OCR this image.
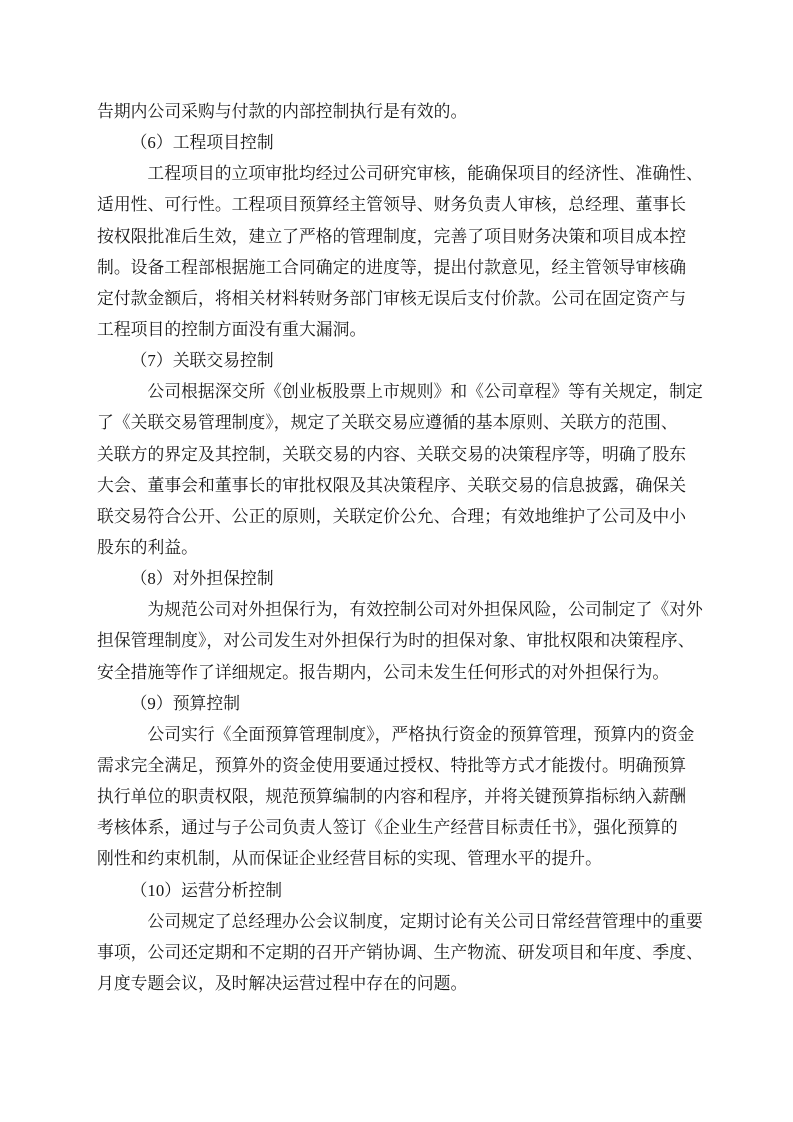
告期内公司采购与付款的内部控制执行是有效的。
（6）工程项目控制
工程项目的立项审批均经过公司研究审核，能确保项目的经济性、准确性、
适用性、可行性。工程项目预算经主管领导、财务负责人审核，总经理、董事长
按权限批准后生效，建立了严格的管理制度，完善了项目财务决策和项目成本控
制。设备工程部根据施工合同确定的进度等，提出付款意见，经主管领导审核确
定付款金额后，将相关材料转财务部门审核无误后支付价款。公司在固定资产与
工程项目的控制方面没有重大漏洞。
（7）关联交易控制
公司根据深交所《创业板股票上市规则》和《公司章程》等有关规定，制定
了《关联交易管理制度》，规定了关联交易应遵循的基本原则、关联方的范围、
关联方的界定及其控制，关联交易的内容、关联交易的决策程序等，明确了股东
大会、董事会和董事长的审批权限及其决策程序、关联交易的信息披露，确保关
联交易符合公开、公正的原则，关联定价公允、合理；有效地维护了公司及中小
股东的利益。
（8）对外担保控制
为规范公司对外担保行为，有效控制公司对外担保风险，公司制定了《对外
担保管理制度》，对公司发生对外担保行为时的担保对象、审批权限和决策程序、
安全措施等作了详细规定。报告期内，公司未发生任何形式的对外担保行为。
（9）预算控制
公司实行《全面预算管理制度》，严格执行资金的预算管理，预算内的资金
需求完全满足，预算外的资金使用要通过授权、特批等方式才能拨付。明确预算
执行单位的职责权限，规范预算编制的内容和程序，并将关键预算指标纳入薪酬
考核体系，通过与子公司负责人签订《企业生产经营目标责任书》，强化预算的
刚性和约束机制，从而保证企业经营目标的实现、管理水平的提升。
（10）运营分析控制
公司规定了总经理办公会议制度，定期讨论有关公司日常经营管理中的重要
事项，公司还定期和不定期的召开产销协调、生产物流、研发项目和年度、季度、
月度专题会议，及时解决运营过程中存在的问题。
